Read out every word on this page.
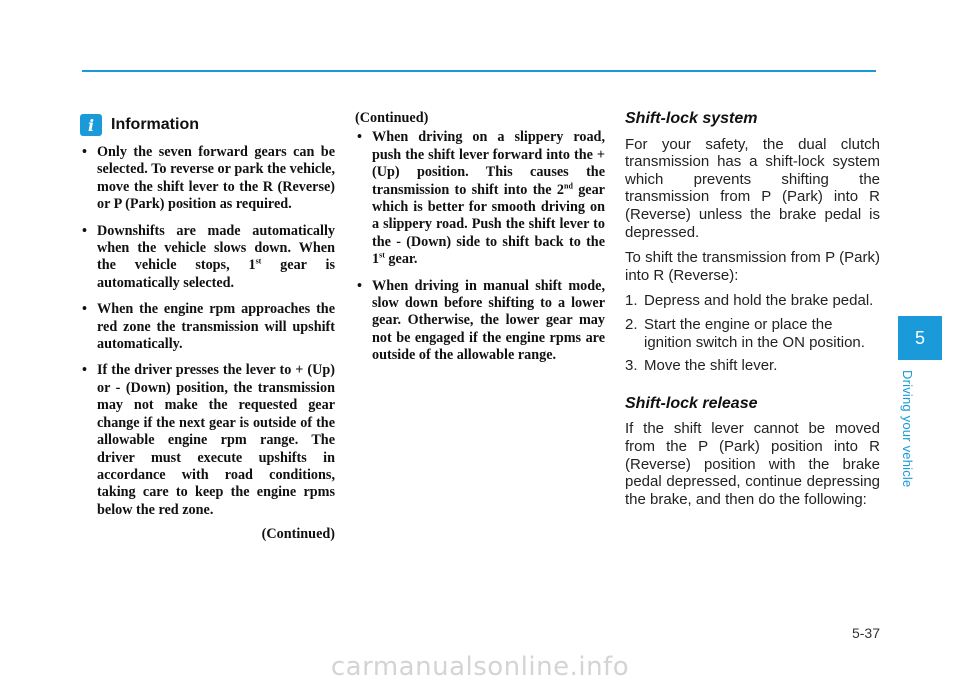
i	Information
• Only the seven forward gears can be selected. To reverse or park the vehicle, move the shift lever to the R (Reverse) or P (Park) position as required.
• Downshifts are made automatically when the vehicle slows down. When the vehicle stops, 1st gear is automatically selected.
• When the engine rpm approaches the red zone the transmission will upshift automatically.
• If the driver presses the lever to + (Up) or - (Down) position, the transmission may not make the requested gear change if the next gear is outside of the allowable engine rpm range. The driver must execute upshifts in accordance with road conditions, taking care to keep the engine rpms below the red zone.
(Continued)
(Continued)
• When driving on a slippery road, push the shift lever forward into the + (Up) position. This causes the transmission to shift into the 2nd gear which is better for smooth driving on a slippery road. Push the shift lever to the - (Down) side to shift back to the 1st gear.
• When driving in manual shift mode, slow down before shifting to a lower gear. Otherwise, the lower gear may not be engaged if the engine rpms are outside of the allowable range.
Shift-lock system

For your safety, the dual clutch transmission has a shift-lock system which prevents shifting the transmission from P (Park) into R (Reverse) unless the brake pedal is depressed.

To shift the transmission from P (Park) into R (Reverse):

1. Depress and hold the brake pedal.
2. Start the engine or place the ignition switch in the ON position.
3. Move the shift lever.
Shift-lock release

If the shift lever cannot be moved from the P (Park) position into R (Reverse) position with the brake pedal depressed, continue depressing the brake, and then do the following:

5
Driving your vehicle
5-37
carmanualsonline.info
